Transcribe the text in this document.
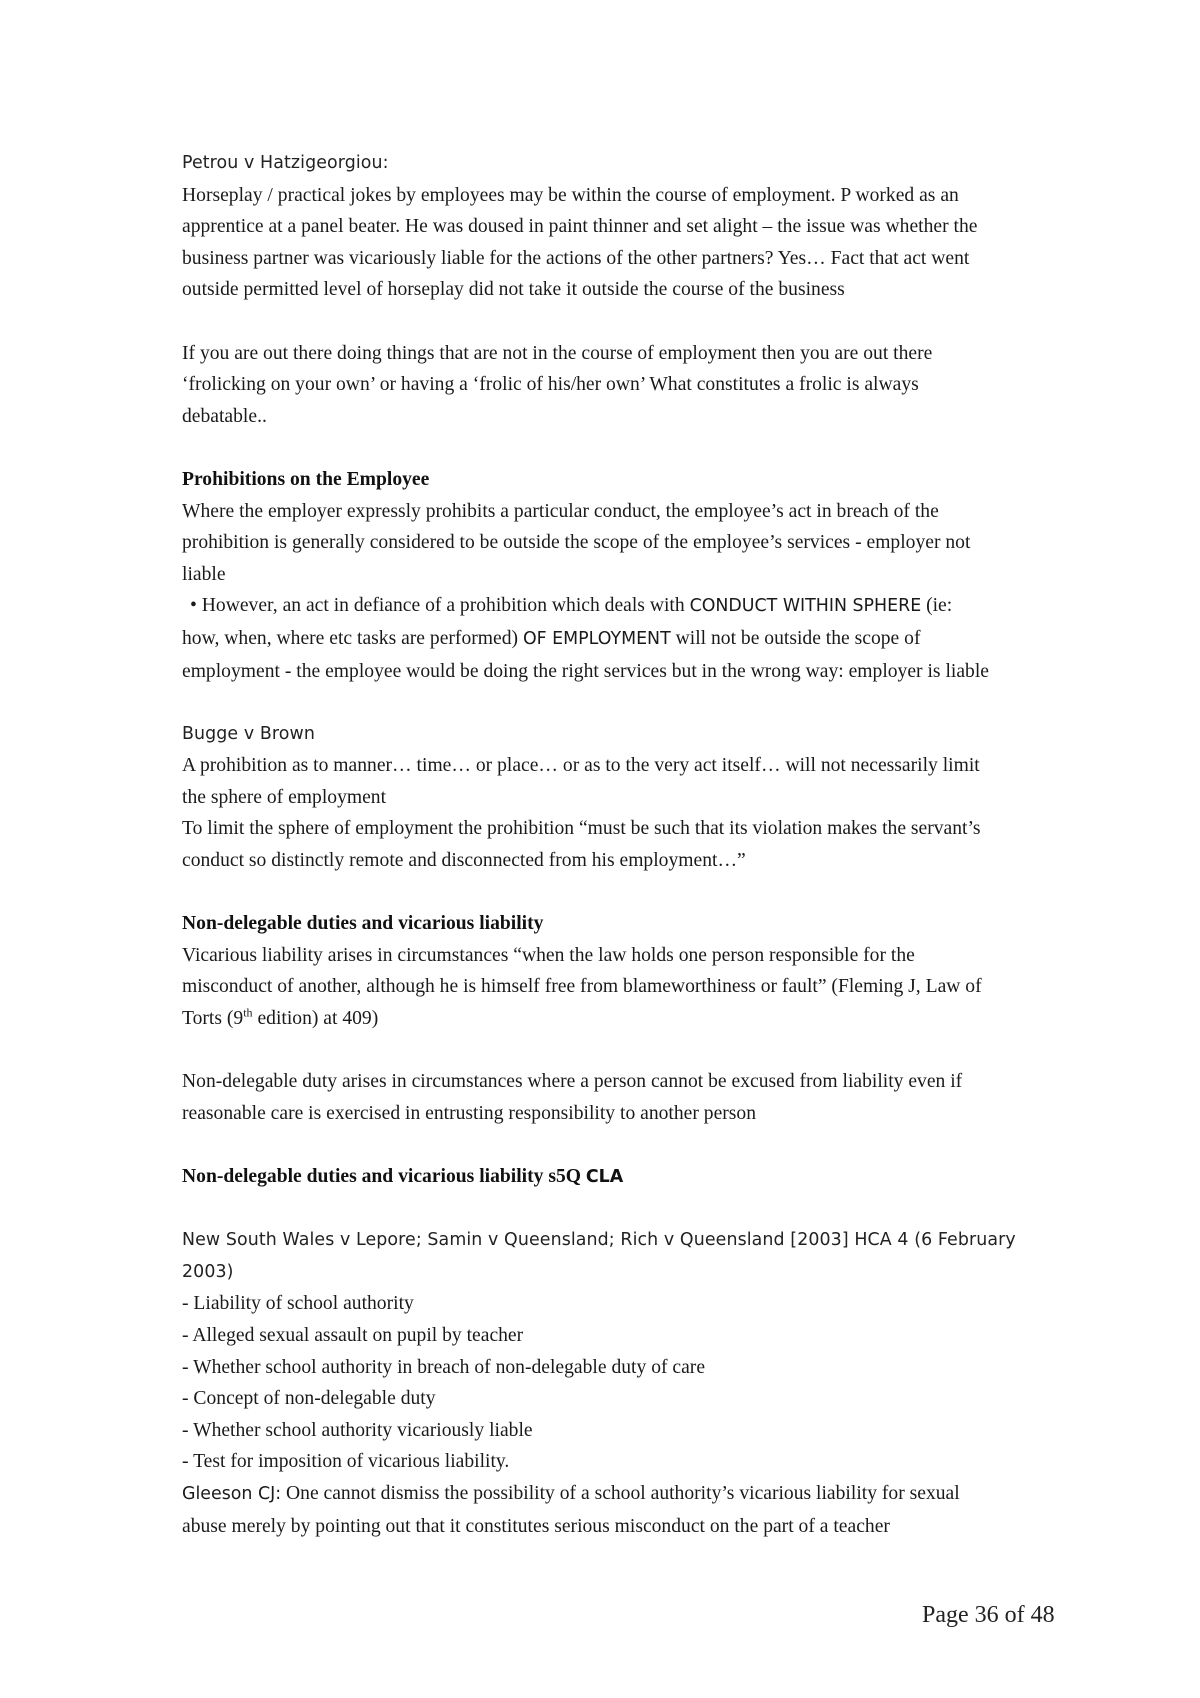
Petrou v Hatzigeorgiou:
Horseplay / practical jokes by employees may be within the course of employment. P worked as an
apprentice at a panel beater. He was doused in paint thinner and set alight – the issue was whether the
business partner was vicariously liable for the actions of the other partners? Yes… Fact that act went
outside permitted level of horseplay did not take it outside the course of the business
If you are out there doing things that are not in the course of employment then you are out there
‘frolicking on your own’ or having a ‘frolic of his/her own’ What constitutes a frolic is always
debatable..
Prohibitions on the Employee
Where the employer expressly prohibits a particular conduct, the employee’s act in breach of the
prohibition is generally considered to be outside the scope of the employee’s services - employer not
liable
• However, an act in defiance of a prohibition which deals with CONDUCT WITHIN SPHERE (ie:
how, when, where etc tasks are performed) OF EMPLOYMENT will not be outside the scope of
employment - the employee would be doing the right services but in the wrong way: employer is liable
Bugge v Brown
A prohibition as to manner… time… or place… or as to the very act itself… will not necessarily limit
the sphere of employment
To limit the sphere of employment the prohibition “must be such that its violation makes the servant’s
conduct so distinctly remote and disconnected from his employment…”
Non-delegable duties and vicarious liability
Vicarious liability arises in circumstances “when the law holds one person responsible for the
misconduct of another, although he is himself free from blameworthiness or fault” (Fleming J, Law of
Torts (9th edition) at 409)
Non-delegable duty arises in circumstances where a person cannot be excused from liability even if
reasonable care is exercised in entrusting responsibility to another person
Non-delegable duties and vicarious liability s5Q CLA
New South Wales v Lepore; Samin v Queensland; Rich v Queensland [2003] HCA 4 (6 February 2003)
- Liability of school authority
- Alleged sexual assault on pupil by teacher
- Whether school authority in breach of non-delegable duty of care
- Concept of non-delegable duty
- Whether school authority vicariously liable
- Test for imposition of vicarious liability.
Gleeson CJ: One cannot dismiss the possibility of a school authority’s vicarious liability for sexual
abuse merely by pointing out that it constitutes serious misconduct on the part of a teacher
Page 36 of 48
